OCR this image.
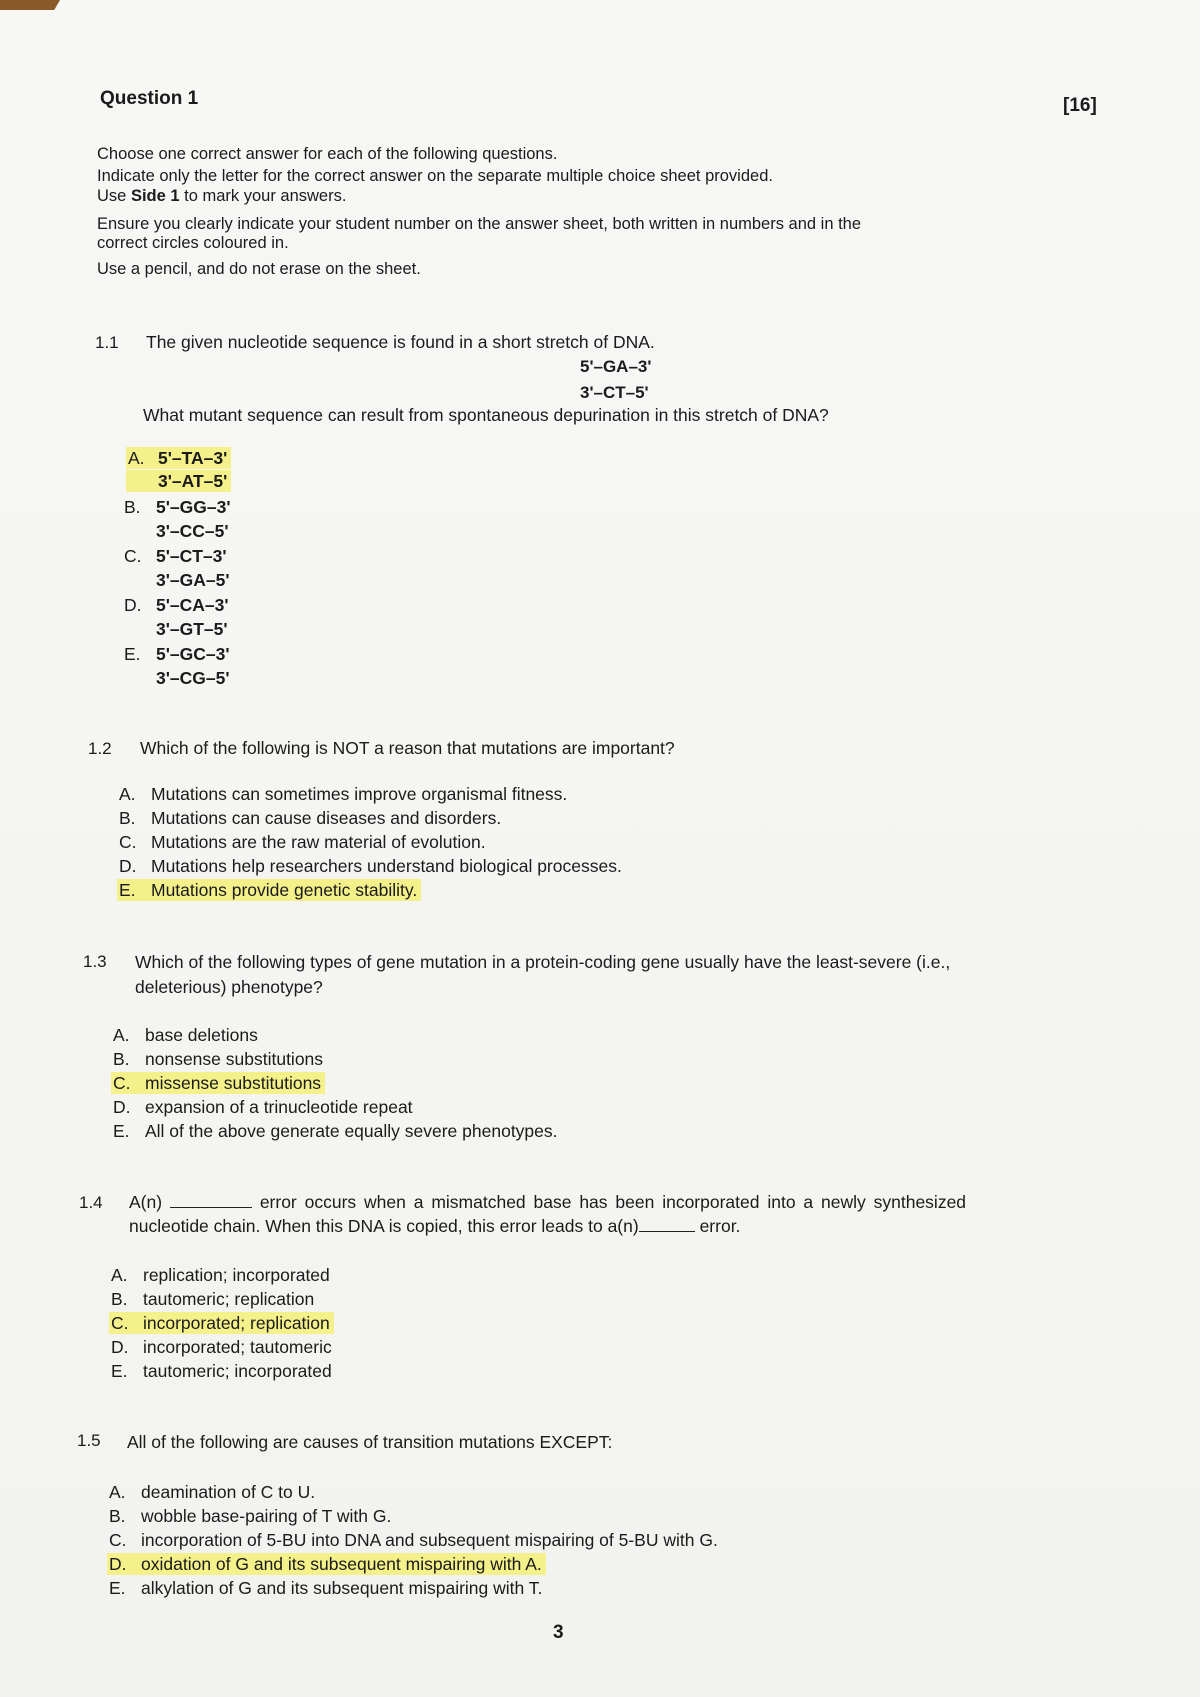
Question 1	[16]
Choose one correct answer for each of the following questions.
Indicate only the letter for the correct answer on the separate multiple choice sheet provided.
Use Side 1 to mark your answers.
Ensure you clearly indicate your student number on the answer sheet, both written in numbers and in the
correct circles coloured in.
Use a pencil, and do not erase on the sheet.
1.1 The given nucleotide sequence is found in a short stretch of DNA.
5'–GA–3'
3'–CT–5'
What mutant sequence can result from spontaneous depurination in this stretch of DNA?
A. 5'–TA–3'
3'–AT–5'
B. 5'–GG–3'
3'–CC–5'
C. 5'–CT–3'
3'–GA–5'
D. 5'–CA–3'
3'–GT–5'
E. 5'–GC–3'
3'–CG–5'
1.2 Which of the following is NOT a reason that mutations are important?
A. Mutations can sometimes improve organismal fitness.
B. Mutations can cause diseases and disorders.
C. Mutations are the raw material of evolution.
D. Mutations help researchers understand biological processes.
E. Mutations provide genetic stability.
1.3 Which of the following types of gene mutation in a protein-coding gene usually have the least-severe (i.e.,
deleterious) phenotype?
A. base deletions
B. nonsense substitutions
C. missense substitutions
D. expansion of a trinucleotide repeat
E. All of the above generate equally severe phenotypes.
1.4 A(n)	error occurs when a mismatched base has been incorporated into a newly synthesized
nucleotide chain. When this DNA is copied, this error leads to a(n)	error.
A. replication; incorporated
B. tautomeric; replication
C. incorporated; replication
D. incorporated; tautomeric
E. tautomeric; incorporated
1.5 All of the following are causes of transition mutations EXCEPT:
A. deamination of C to U.
B. wobble base-pairing of T with G.
C. incorporation of 5-BU into DNA and subsequent mispairing of 5-BU with G.
D. oxidation of G and its subsequent mispairing with A.
E. alkylation of G and its subsequent mispairing with T.
3
